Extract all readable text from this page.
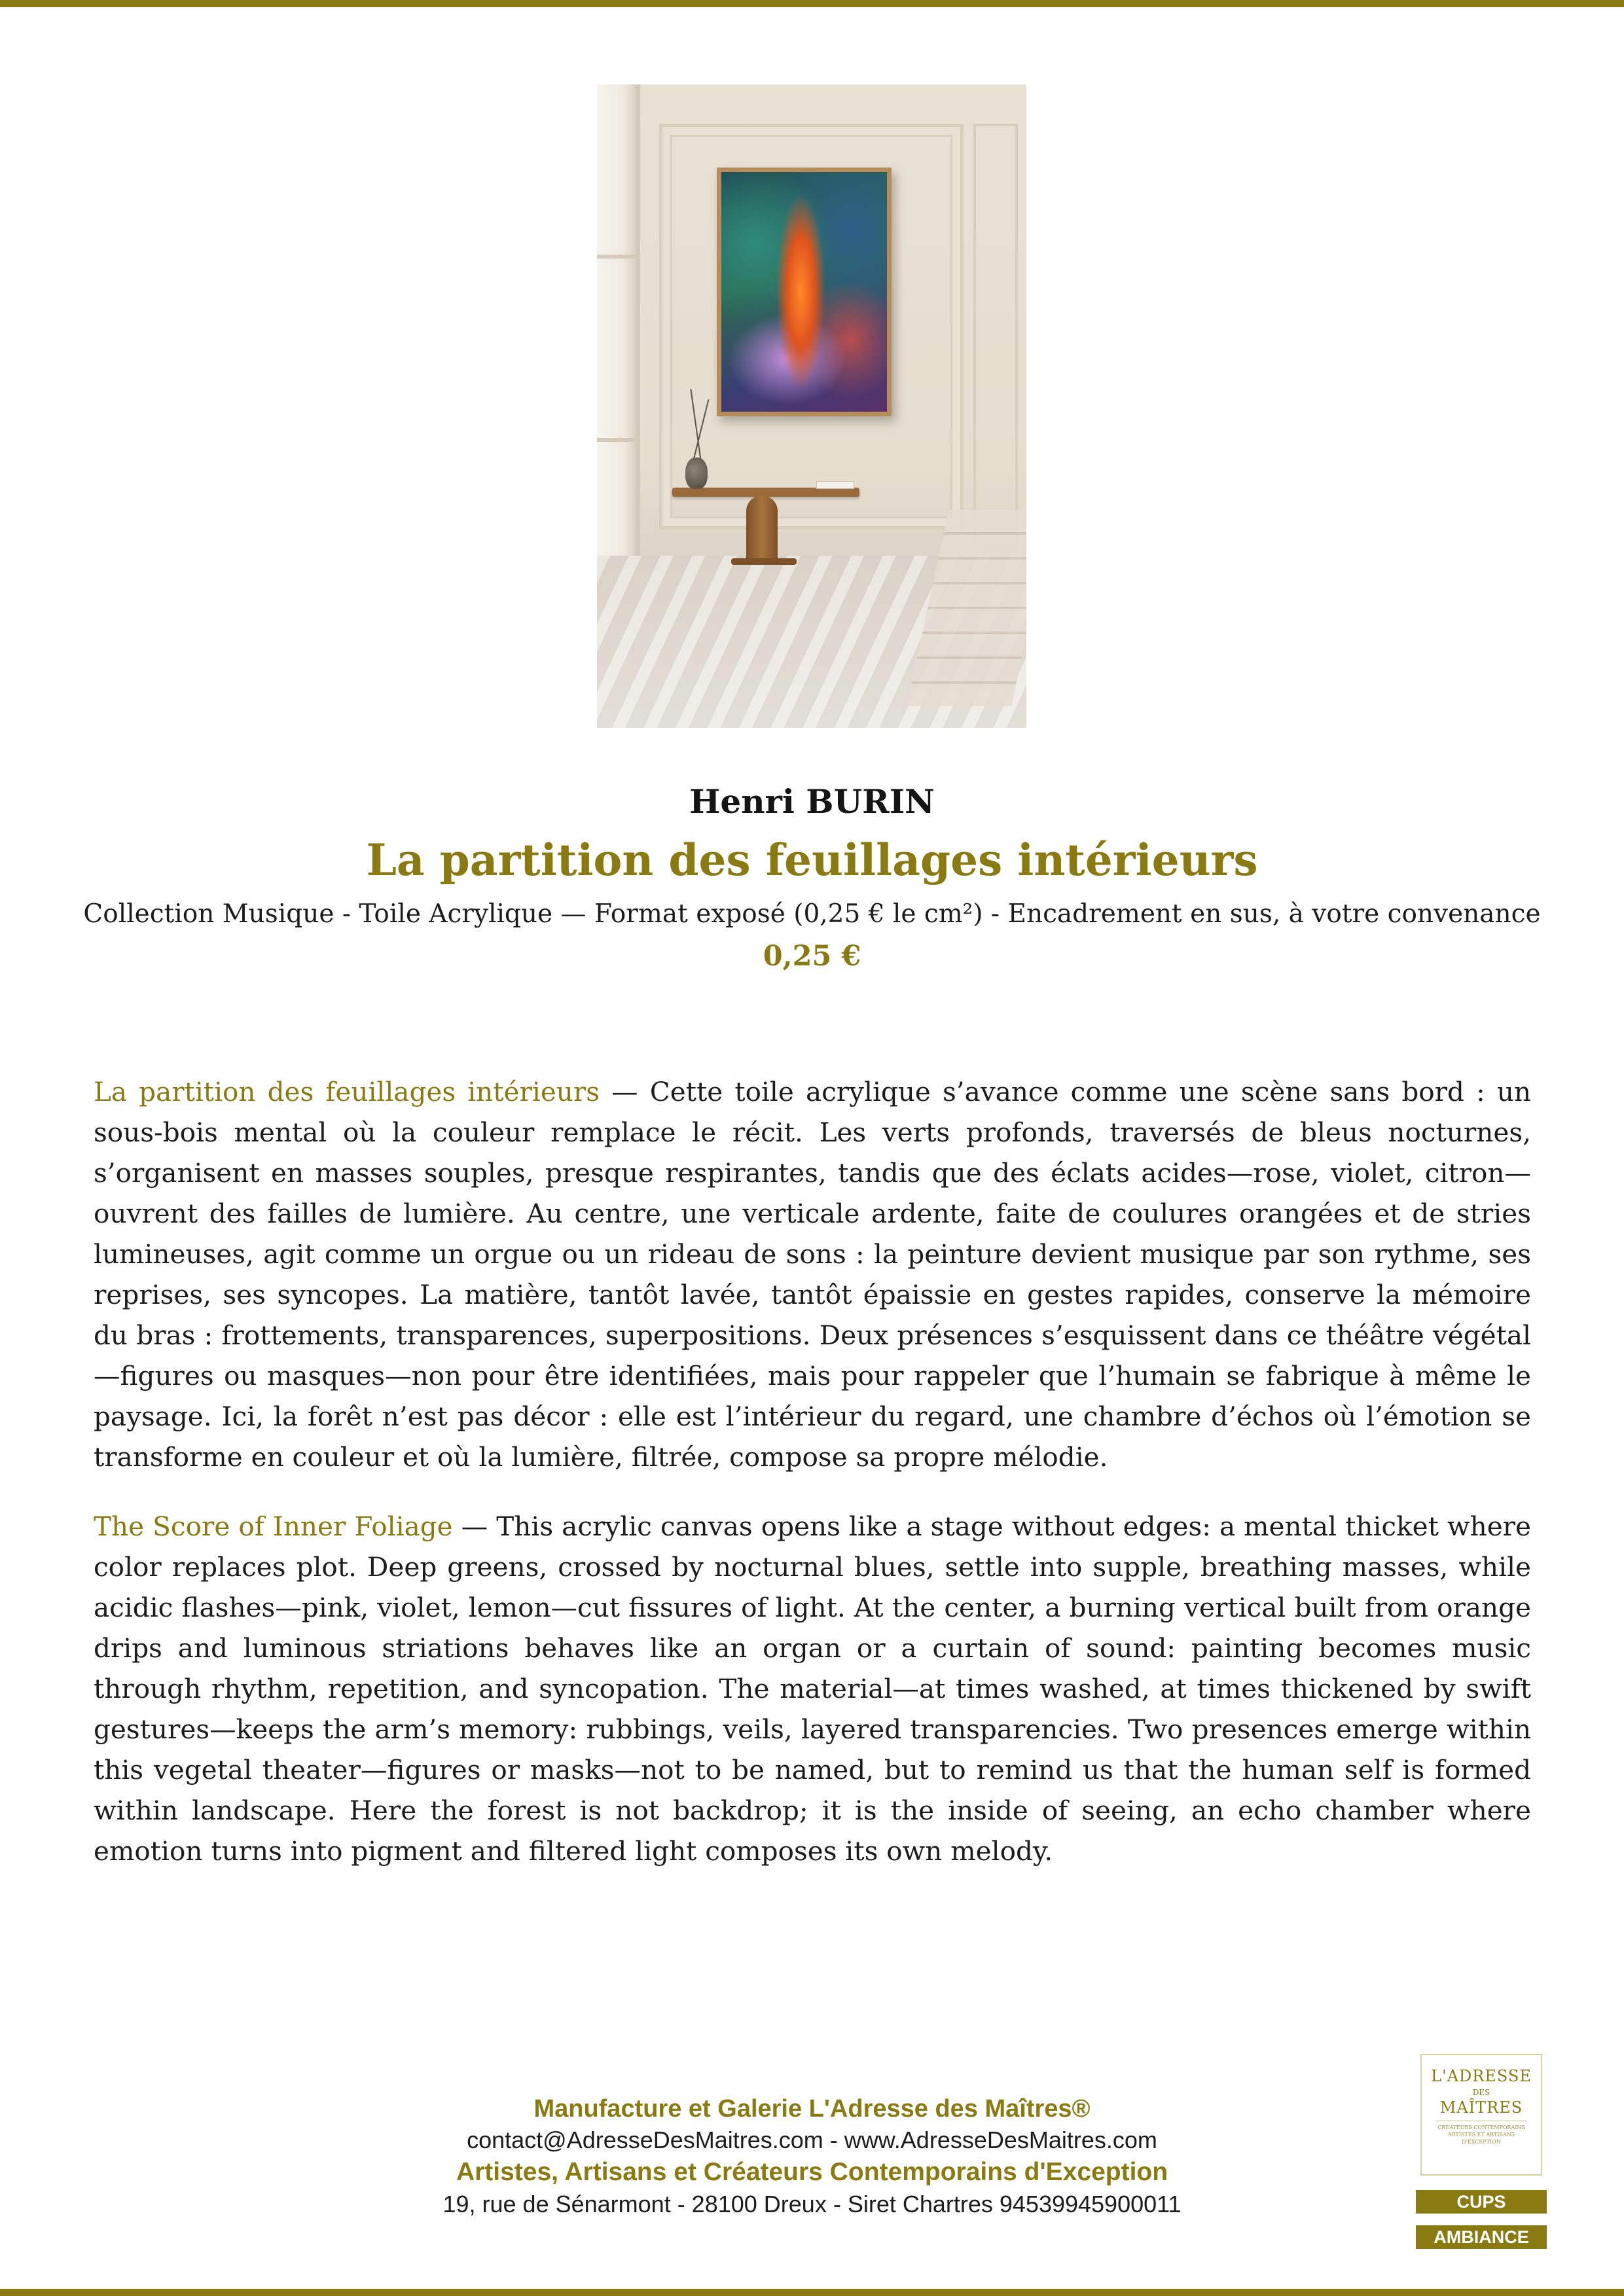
Henri BURIN
La partition des feuillages intérieurs
Collection Musique - Toile Acrylique — Format exposé (0,25 € le cm²) - Encadrement en sus, à votre convenance
0,25 €

La partition des feuillages intérieurs — Cette toile acrylique s’avance comme une scène sans bord : un sous-bois mental où la couleur remplace le récit. Les verts profonds, traversés de bleus nocturnes, s’organisent en masses souples, presque respirantes, tandis que des éclats acides—rose, violet, citron—ouvrent des failles de lumière. Au centre, une verticale ardente, faite de coulures orangées et de stries lumineuses, agit comme un orgue ou un rideau de sons : la peinture devient musique par son rythme, ses reprises, ses syncopes. La matière, tantôt lavée, tantôt épaissie en gestes rapides, conserve la mémoire du bras : frottements, transparences, superpositions. Deux présences s’esquissent dans ce théâtre végétal—figures ou masques—non pour être identifiées, mais pour rappeler que l’humain se fabrique à même le paysage. Ici, la forêt n’est pas décor : elle est l’intérieur du regard, une chambre d’échos où l’émotion se transforme en couleur et où la lumière, filtrée, compose sa propre mélodie.

The Score of Inner Foliage — This acrylic canvas opens like a stage without edges: a mental thicket where color replaces plot. Deep greens, crossed by nocturnal blues, settle into supple, breathing masses, while acidic flashes—pink, violet, lemon—cut fissures of light. At the center, a burning vertical built from orange drips and luminous striations behaves like an organ or a curtain of sound: painting becomes music through rhythm, repetition, and syncopation. The material—at times washed, at times thickened by swift gestures—keeps the arm’s memory: rubbings, veils, layered transparencies. Two presences emerge within this vegetal theater—figures or masks—not to be named, but to remind us that the human self is formed within landscape. Here the forest is not backdrop; it is the inside of seeing, an echo chamber where emotion turns into pigment and filtered light composes its own melody.

Manufacture et Galerie L'Adresse des Maîtres®
contact@AdresseDesMaitres.com - www.AdresseDesMaitres.com
Artistes, Artisans et Créateurs Contemporains d'Exception
19, rue de Sénarmont - 28100 Dreux - Siret Chartres 94539945900011
L'ADRESSE
DES
MAÎTRES
CRÉATEURS CONTEMPORAINS ARTISTES ET ARTISANS D'EXCEPTION
CUPS
AMBIANCE
